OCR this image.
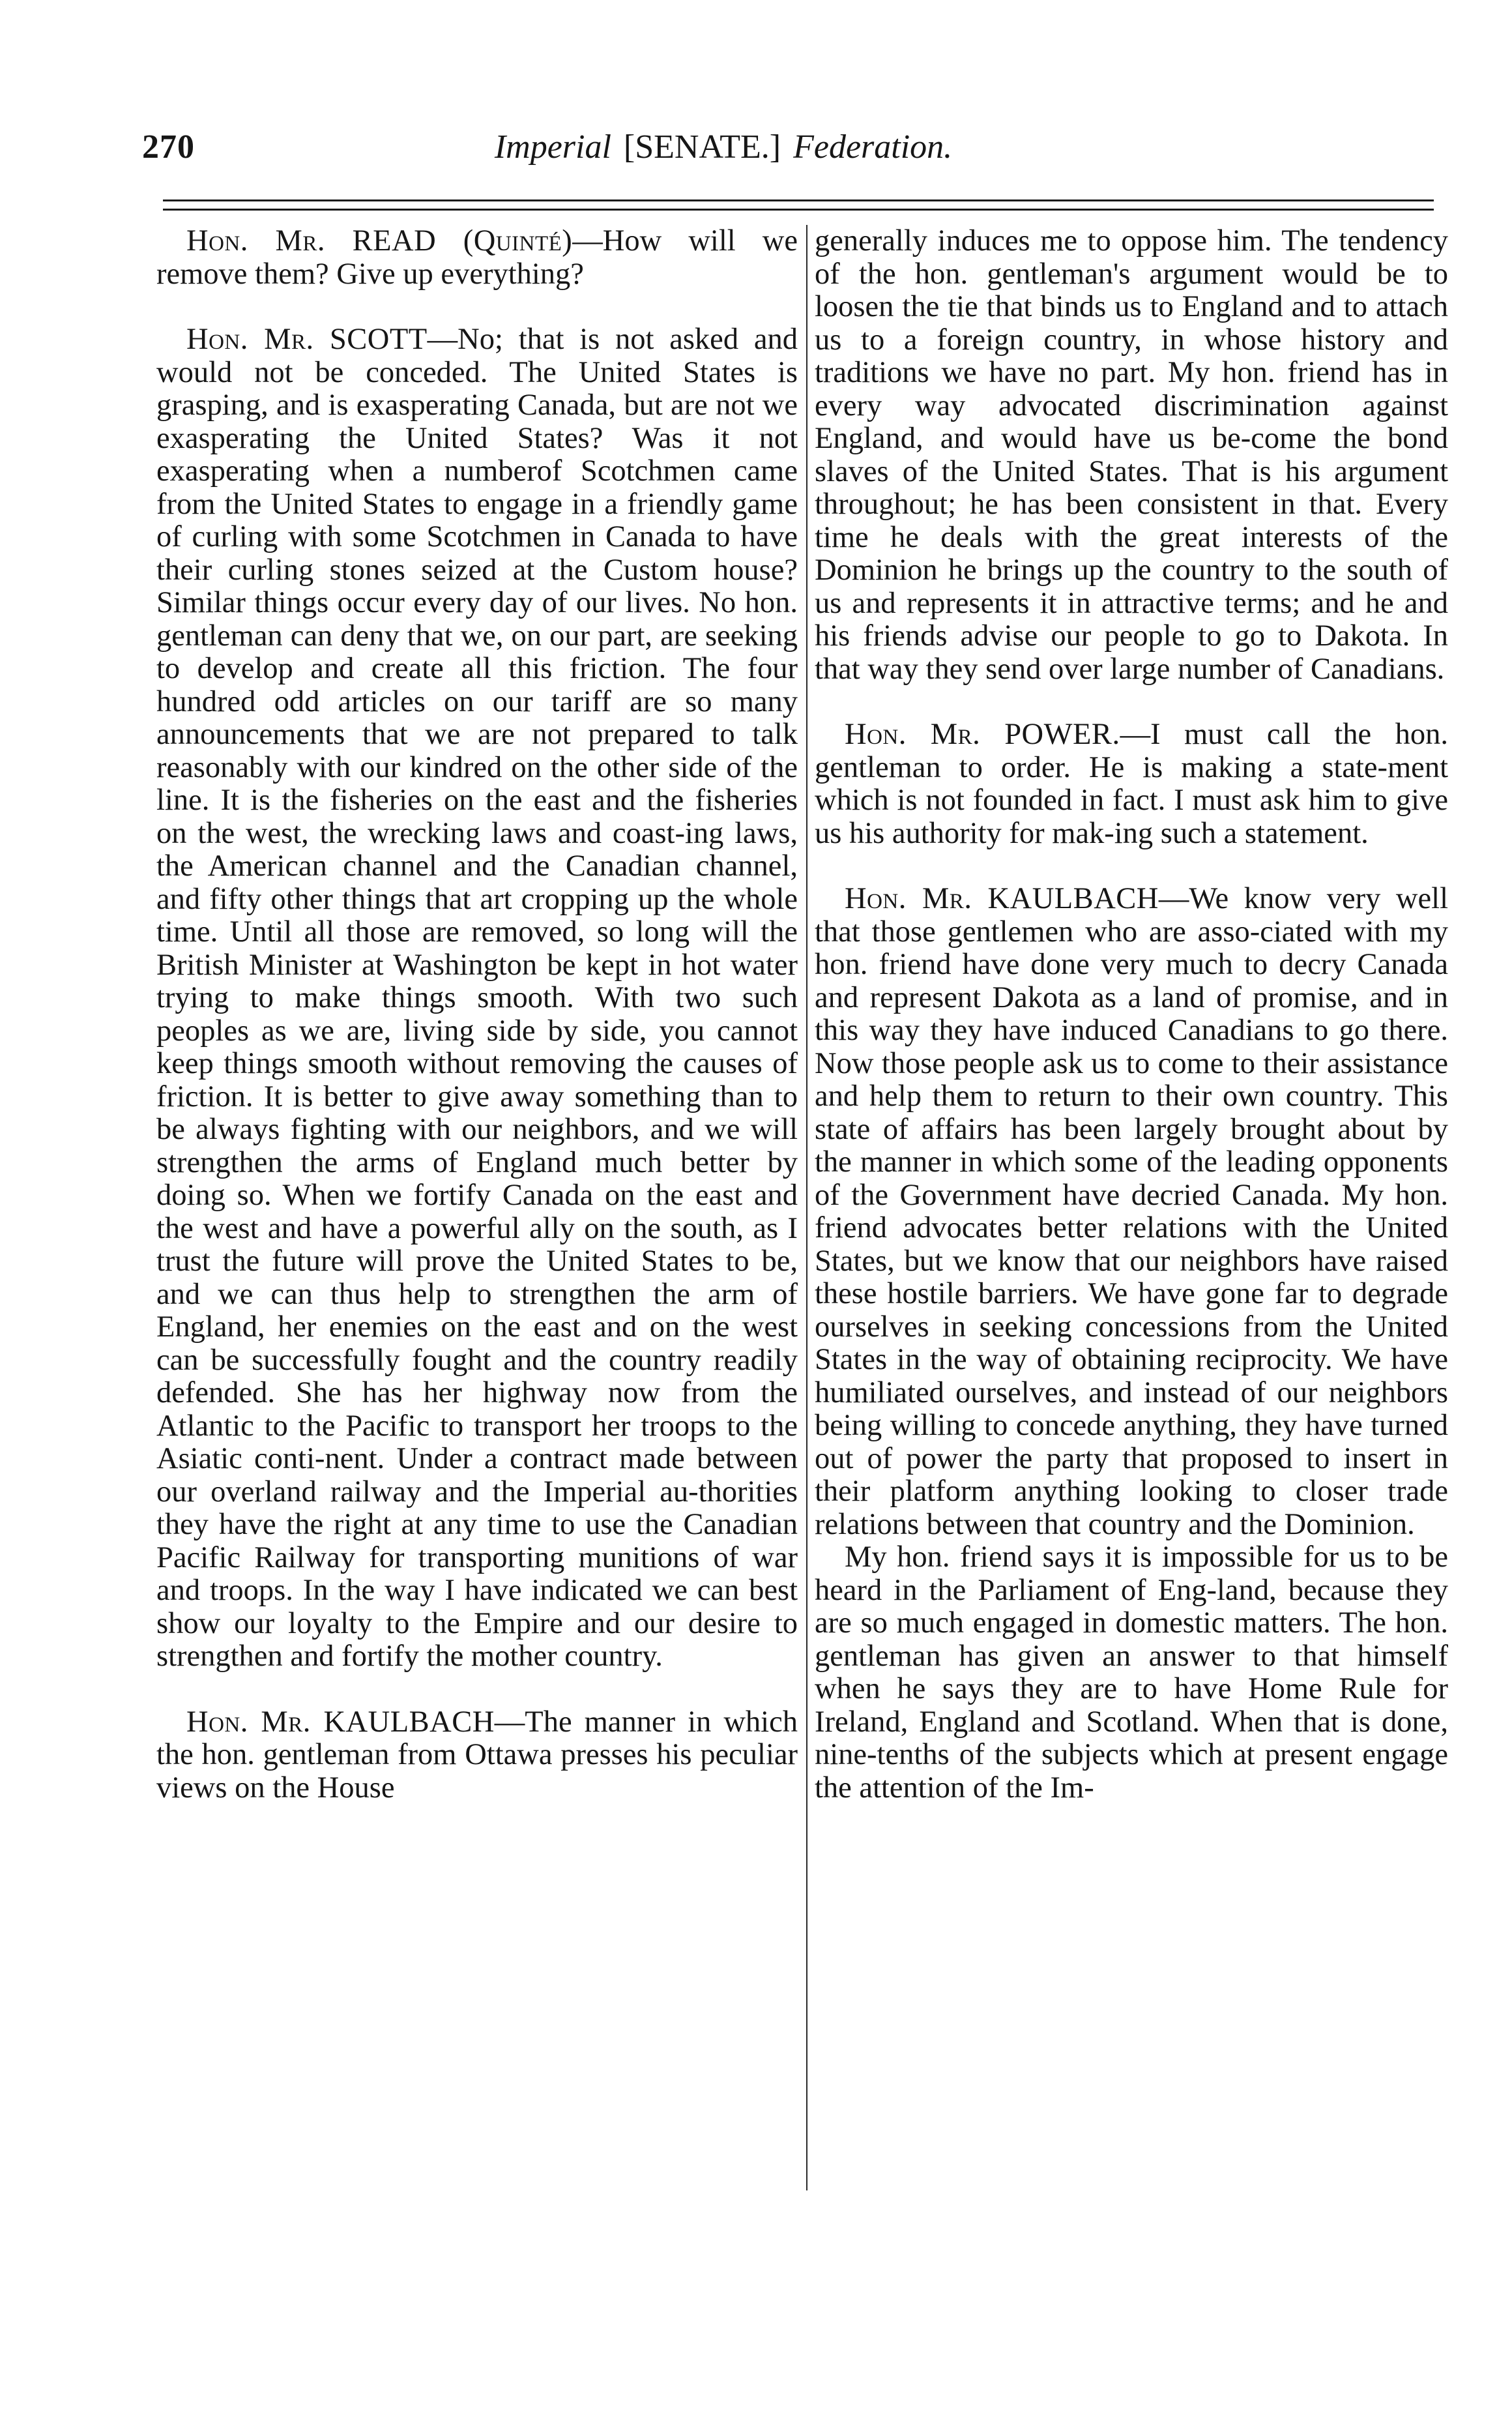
270	Imperial [SENATE.] Federation.

Hon. Mr. READ (Quinté)—How will we remove them? Give up everything?

Hon. Mr. SCOTT—No; that is not asked and would not be conceded. The United States is grasping, and is exasperating Canada, but are not we exasperating the United States? Was it not exasperating when a numberof Scotchmen came from the United States to engage in a friendly game of curling with some Scotchmen in Canada to have their curling stones seized at the Custom house? Similar things occur every day of our lives. No hon. gentleman can deny that we, on our part, are seeking to develop and create all this friction. The four hundred odd articles on our tariff are so many announcements that we are not prepared to talk reasonably with our kindred on the other side of the line. It is the fisheries on the east and the fisheries on the west, the wrecking laws and coast-ing laws, the American channel and the Canadian channel, and fifty other things that art cropping up the whole time. Until all those are removed, so long will the British Minister at Washington be kept in hot water trying to make things smooth. With two such peoples as we are, living side by side, you cannot keep things smooth without removing the causes of friction. It is better to give away something than to be always fighting with our neighbors, and we will strengthen the arms of England much better by doing so. When we fortify Canada on the east and the west and have a powerful ally on the south, as I trust the future will prove the United States to be, and we can thus help to strengthen the arm of England, her enemies on the east and on the west can be successfully fought and the country readily defended. She has her highway now from the Atlantic to the Pacific to transport her troops to the Asiatic conti-nent. Under a contract made between our overland railway and the Imperial au-thorities they have the right at any time to use the Canadian Pacific Railway for transporting munitions of war and troops. In the way I have indicated we can best show our loyalty to the Empire and our desire to strengthen and fortify the mother country.

Hon. Mr. KAULBACH—The manner in which the hon. gentleman from Ottawa presses his peculiar views on the House

generally induces me to oppose him. The tendency of the hon. gentleman's argument would be to loosen the tie that binds us to England and to attach us to a foreign country, in whose history and traditions we have no part. My hon. friend has in every way advocated discrimination against England, and would have us be-come the bond slaves of the United States. That is his argument throughout; he has been consistent in that. Every time he deals with the great interests of the Dominion he brings up the country to the south of us and represents it in attractive terms; and he and his friends advise our people to go to Dakota. In that way they send over large number of Canadians.

Hon. Mr. POWER.—I must call the hon. gentleman to order. He is making a state-ment which is not founded in fact. I must ask him to give us his authority for mak-ing such a statement.

Hon. Mr. KAULBACH—We know very well that those gentlemen who are asso-ciated with my hon. friend have done very much to decry Canada and represent Dakota as a land of promise, and in this way they have induced Canadians to go there. Now those people ask us to come to their assistance and help them to return to their own country. This state of affairs has been largely brought about by the manner in which some of the leading opponents of the Government have decried Canada. My hon. friend advocates better relations with the United States, but we know that our neighbors have raised these hostile barriers. We have gone far to degrade ourselves in seeking concessions from the United States in the way of obtaining reciprocity. We have humiliated ourselves, and instead of our neighbors being willing to concede anything, they have turned out of power the party that proposed to insert in their platform anything looking to closer trade relations between that country and the Dominion.

My hon. friend says it is impossible for us to be heard in the Parliament of Eng-land, because they are so much engaged in domestic matters. The hon. gentleman has given an answer to that himself when he says they are to have Home Rule for Ireland, England and Scotland. When that is done, nine-tenths of the subjects which at present engage the attention of the Im-
